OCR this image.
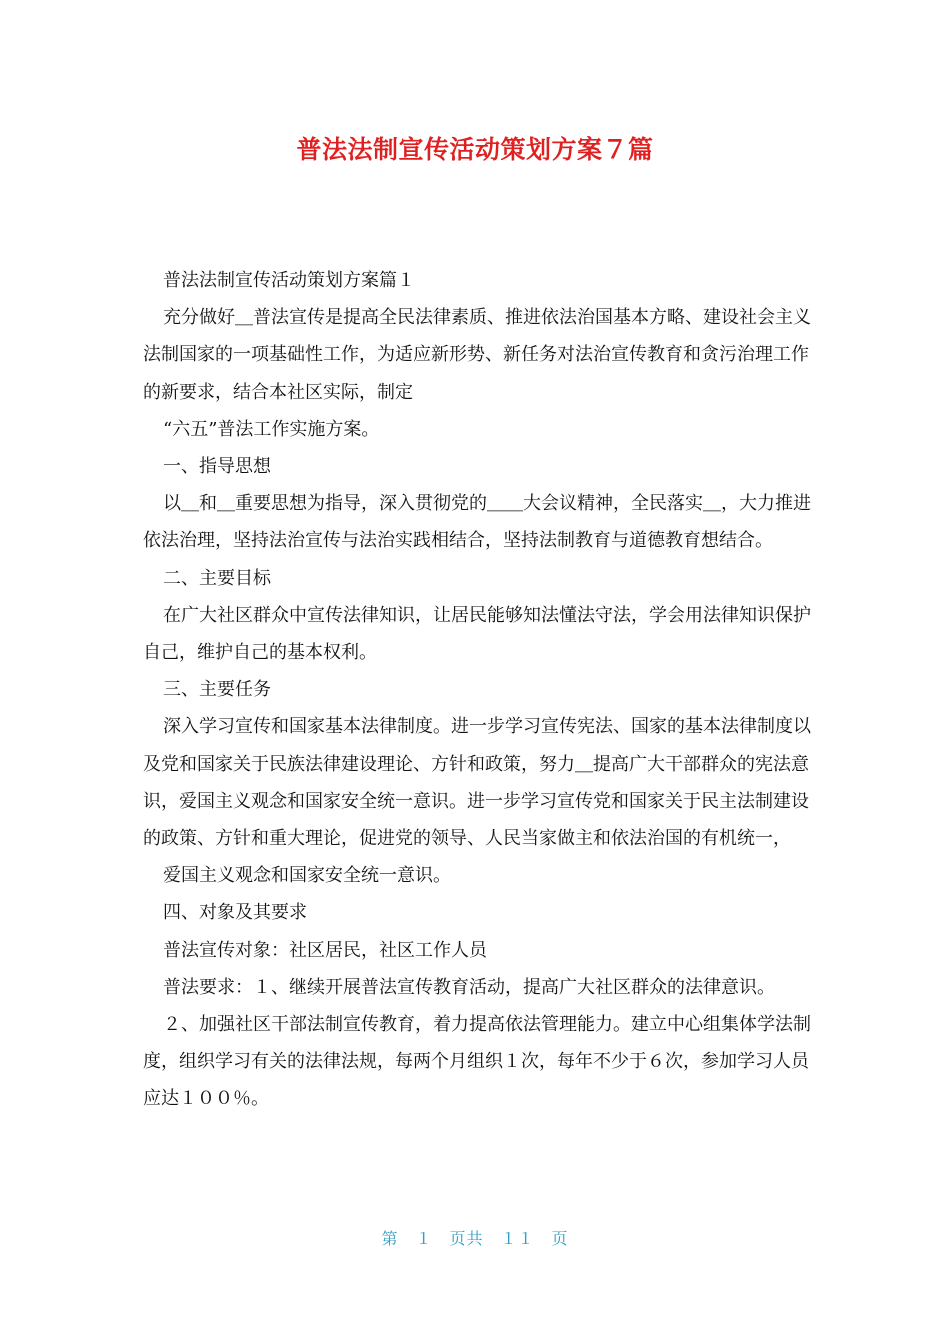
普法法制宣传活动策划方案７篇

普法法制宣传活动策划方案篇１

充分做好＿普法宣传是提高全民法律素质、推进依法治国基本方略、建设社会主义法制国家的一项基础性工作，为适应新形势、新任务对法治宣传教育和贪污治理工作的新要求，结合本社区实际，制定

“六五”普法工作实施方案。

一、指导思想

以＿和＿重要思想为指导，深入贯彻党的＿＿大会议精神，全民落实＿，大力推进依法治理，坚持法治宣传与法治实践相结合，坚持法制教育与道德教育想结合。

二、主要目标

在广大社区群众中宣传法律知识，让居民能够知法懂法守法，学会用法律知识保护自己，维护自己的基本权利。

三、主要任务

深入学习宣传和国家基本法律制度。进一步学习宣传宪法、国家的基本法律制度以及党和国家关于民族法律建设理论、方针和政策，努力＿提高广大干部群众的宪法意识，爱国主义观念和国家安全统一意识。进一步学习宣传党和国家关于民主法制建设的政策、方针和重大理论，促进党的领导、人民当家做主和依法治国的有机统一，

爱国主义观念和国家安全统一意识。

四、对象及其要求

普法宣传对象：社区居民，社区工作人员

普法要求：１、继续开展普法宣传教育活动，提高广大社区群众的法律意识。

２、加强社区干部法制宣传教育，着力提高依法管理能力。建立中心组集体学法制度，组织学习有关的法律法规，每两个月组织１次，每年不少于６次，参加学习人员应达１００％。

第　１　页共　１１　页
